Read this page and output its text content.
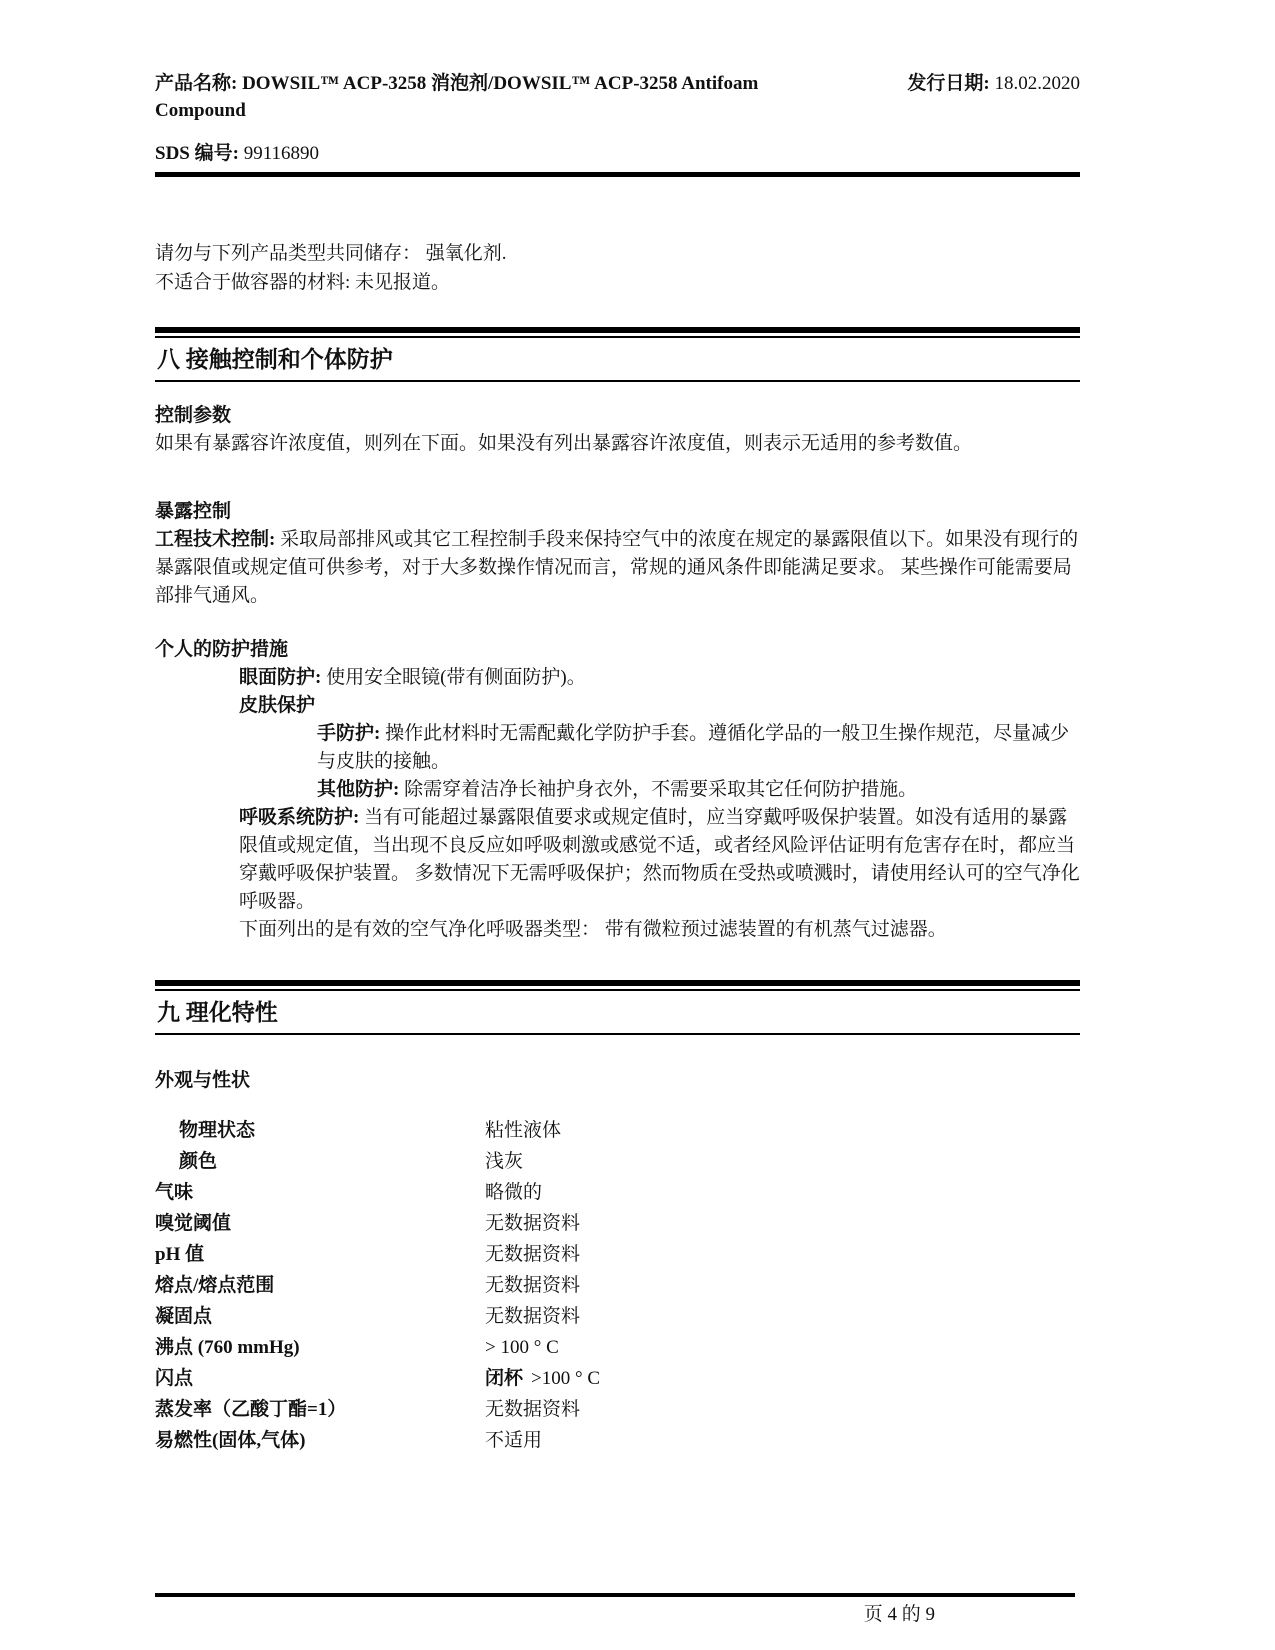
产品名称: DOWSIL™ ACP-3258 消泡剂/DOWSIL™ ACP-3258 Antifoam Compound
发行日期: 18.02.2020
SDS 编号: 99116890

请勿与下列产品类型共同储存： 强氧化剂.

不适合于做容器的材料: 未见报道。

八 接触控制和个体防护

控制参数

如果有暴露容许浓度值，则列在下面。如果没有列出暴露容许浓度值，则表示无适用的参考数值。

暴露控制

工程技术控制: 采取局部排风或其它工程控制手段来保持空气中的浓度在规定的暴露限值以下。如果没有现行的暴露限值或规定值可供参考，对于大多数操作情况而言，常规的通风条件即能满足要求。 某些操作可能需要局部排气通风。

个人的防护措施

眼面防护: 使用安全眼镜(带有侧面防护)。

皮肤保护

手防护: 操作此材料时无需配戴化学防护手套。遵循化学品的一般卫生操作规范，尽量减少与皮肤的接触。

其他防护: 除需穿着洁净长袖护身衣外，不需要采取其它任何防护措施。

呼吸系统防护: 当有可能超过暴露限值要求或规定值时，应当穿戴呼吸保护装置。如没有适用的暴露限值或规定值，当出现不良反应如呼吸刺激或感觉不适，或者经风险评估证明有危害存在时，都应当穿戴呼吸保护装置。 多数情况下无需呼吸保护；然而物质在受热或喷溅时，请使用经认可的空气净化呼吸器。

下面列出的是有效的空气净化呼吸器类型： 带有微粒预过滤装置的有机蒸气过滤器。

九 理化特性

外观与性状

物理状态	粘性液体
颜色	浅灰
气味	略微的
嗅觉阈值	无数据资料
pH 值	无数据资料
熔点/熔点范围	无数据资料
凝固点	无数据资料
沸点 (760 mmHg)	> 100 ° C
闪点	闭杯 >100 ° C
蒸发率（乙酸丁酯=1）	无数据资料
易燃性(固体,气体)	不适用
页 4 的 9
